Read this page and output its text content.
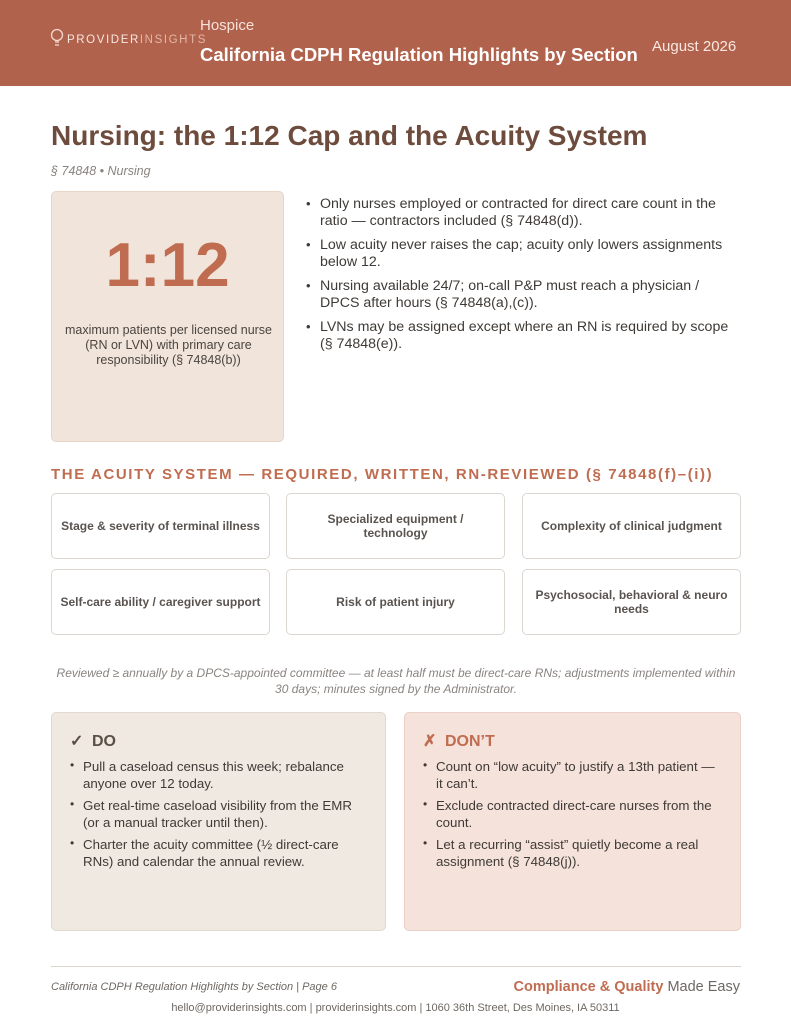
PROVIDERINSIGHTS
Hospice
California CDPH Regulation Highlights by Section August 2026
Nursing: the 1:12 Cap and the Acuity System
§ 74848 • Nursing
1:12
maximum patients per licensed nurse (RN or LVN) with primary care responsibility (§ 74848(b))
• Only nurses employed or contracted for direct care count in the ratio — contractors included (§ 74848(d)).
• Low acuity never raises the cap; acuity only lowers assignments below 12.
• Nursing available 24/7; on-call P&P must reach a physician / DPCS after hours (§ 74848(a),(c)).
• LVNs may be assigned except where an RN is required by scope (§ 74848(e)).
THE ACUITY SYSTEM — REQUIRED, WRITTEN, RN-REVIEWED (§ 74848(f)–(i))
Stage & severity of terminal illness	Specialized equipment / technology	Complexity of clinical judgment
Self-care ability / caregiver support	Risk of patient injury	Psychosocial, behavioral & neuro needs
Reviewed ≥ annually by a DPCS-appointed committee — at least half must be direct-care RNs; adjustments implemented within 30 days; minutes signed by the Administrator.
✓ DO
• Pull a caseload census this week; rebalance anyone over 12 today.
• Get real-time caseload visibility from the EMR (or a manual tracker until then).
• Charter the acuity committee (½ direct-care RNs) and calendar the annual review.
✗ DON’T
• Count on “low acuity” to justify a 13th patient — it can’t.
• Exclude contracted direct-care nurses from the count.
• Let a recurring “assist” quietly become a real assignment (§ 74848(j)).
California CDPH Regulation Highlights by Section | Page 6	Compliance & Quality Made Easy
hello@providerinsights.com | providerinsights.com | 1060 36th Street, Des Moines, IA 50311
